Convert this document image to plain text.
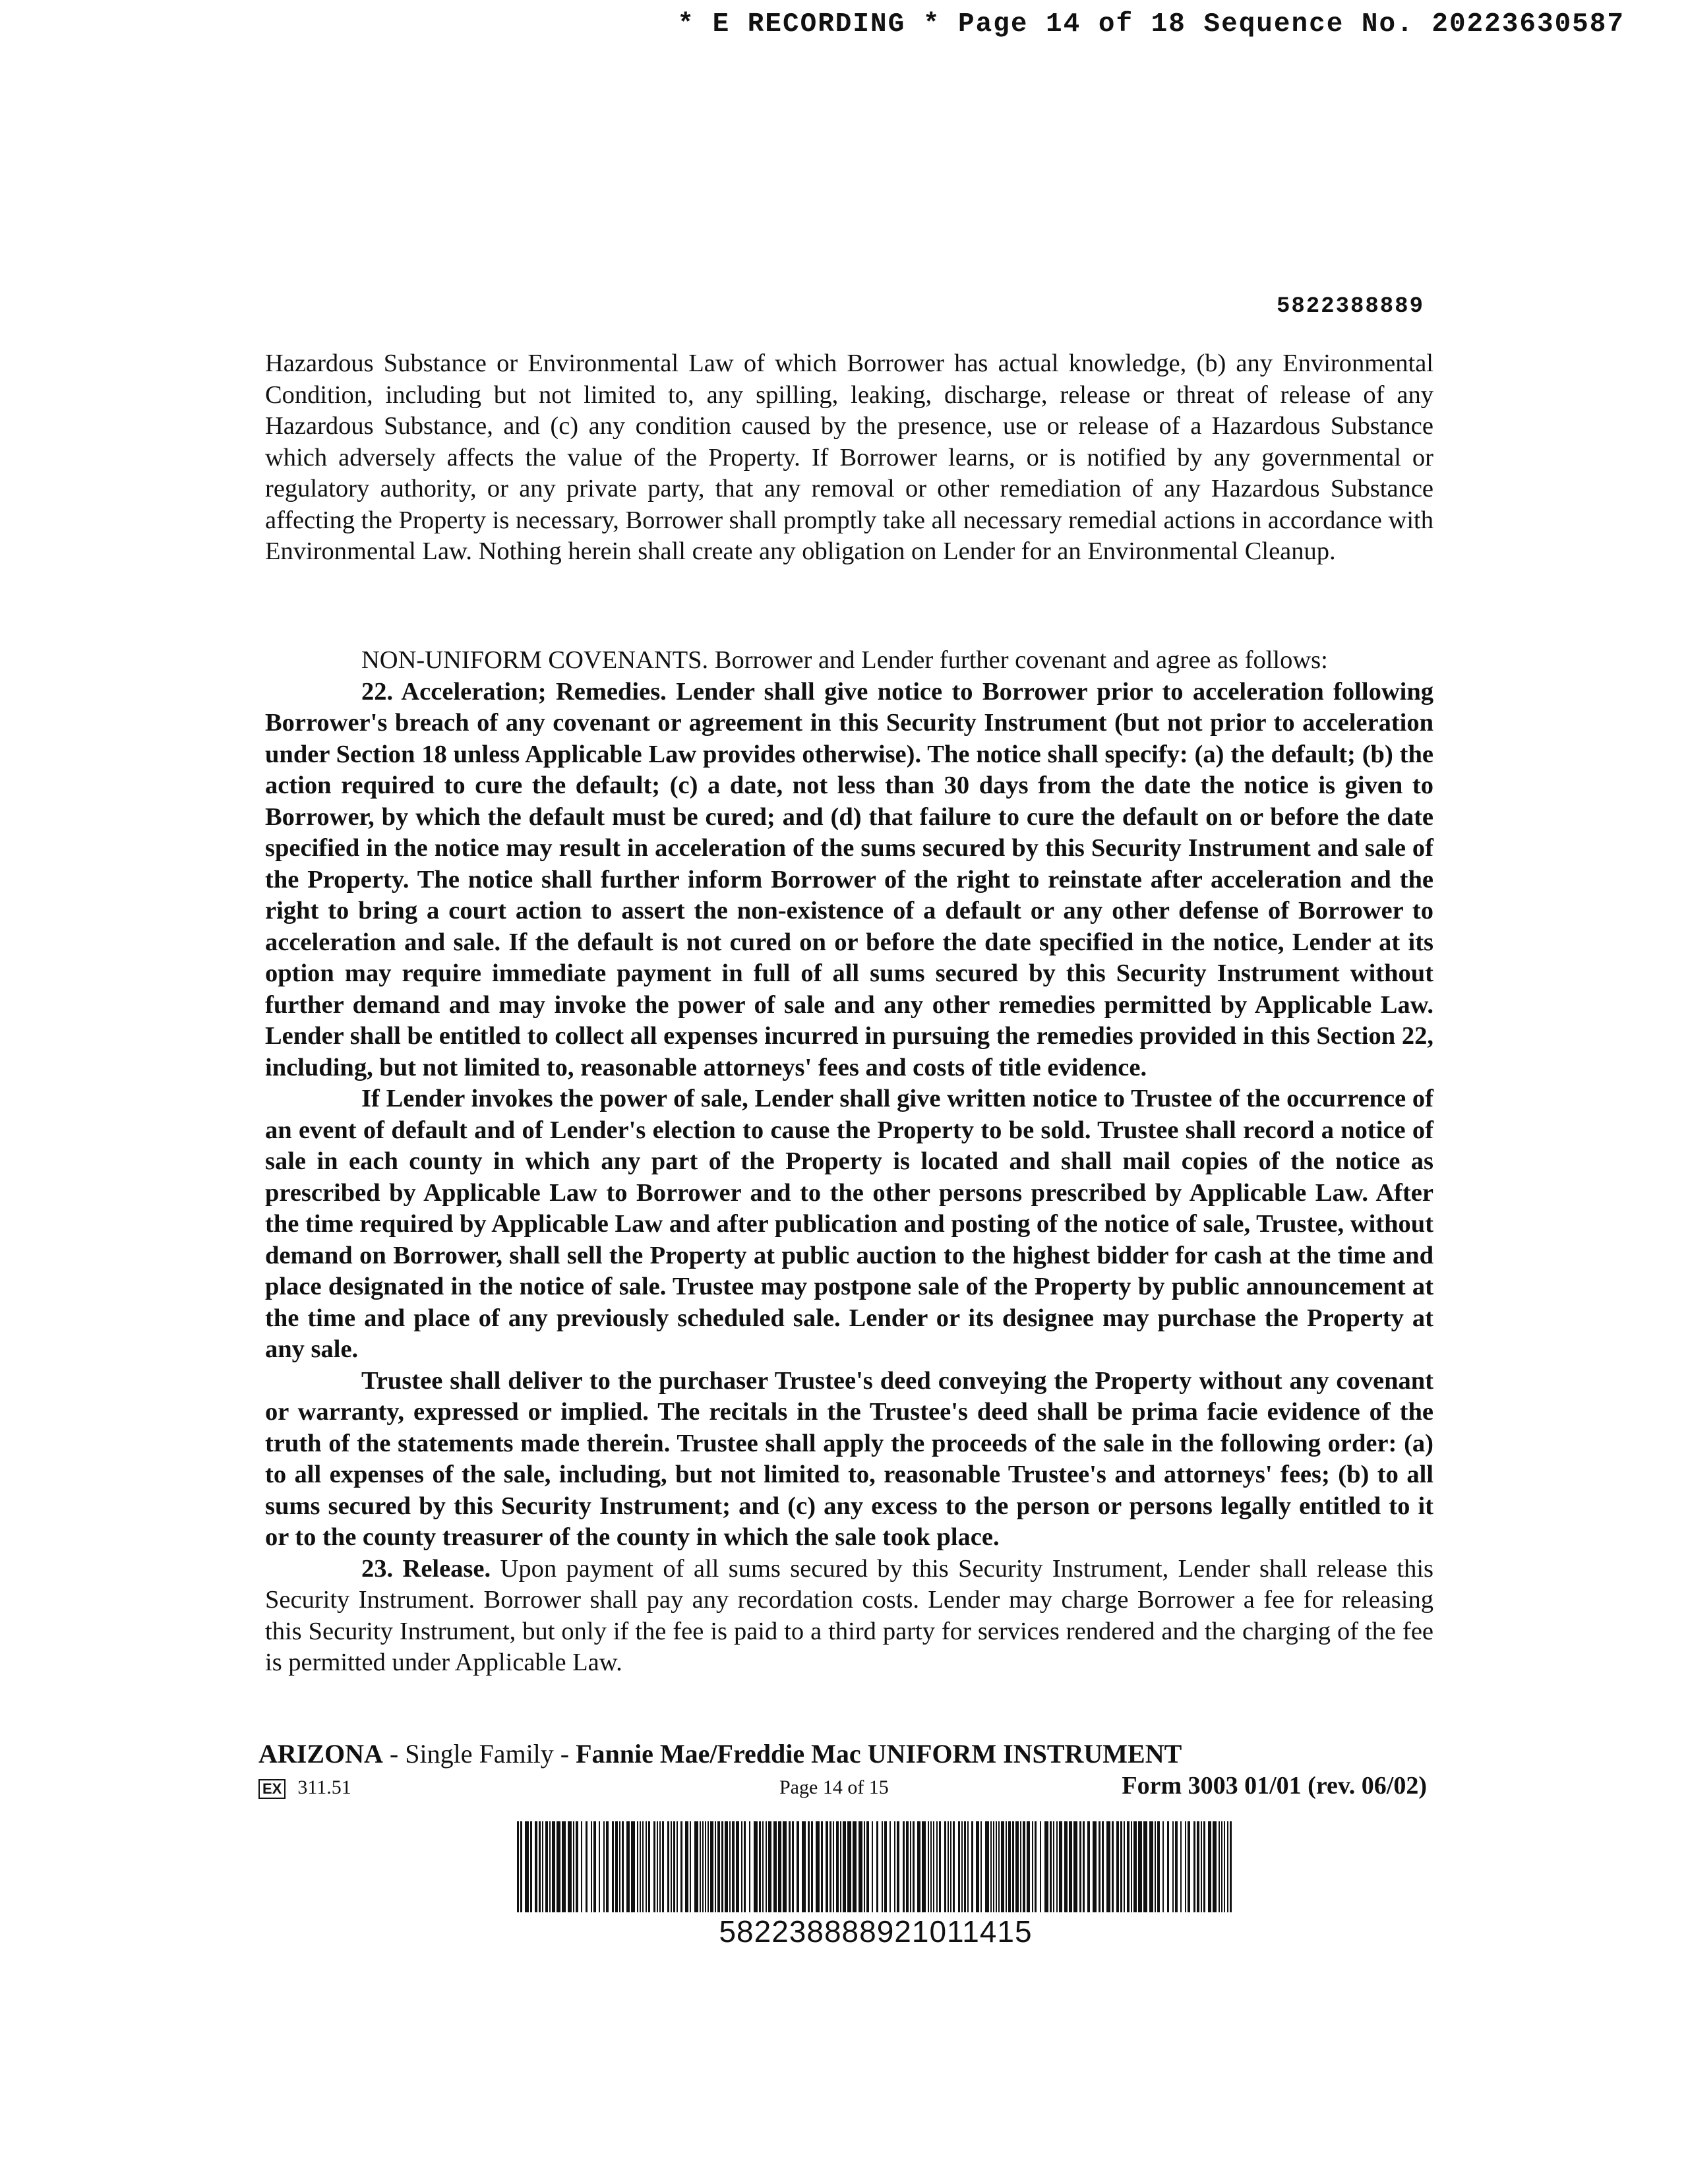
* E RECORDING * Page 14 of 18 Sequence No. 20223630587
5822388889
Hazardous Substance or Environmental Law of which Borrower has actual knowledge, (b) any Environmental Condition, including but not limited to, any spilling, leaking, discharge, release or threat of release of any Hazardous Substance, and (c) any condition caused by the presence, use or release of a Hazardous Substance which adversely affects the value of the Property. If Borrower learns, or is notified by any governmental or regulatory authority, or any private party, that any removal or other remediation of any Hazardous Substance affecting the Property is necessary, Borrower shall promptly take all necessary remedial actions in accordance with Environmental Law. Nothing herein shall create any obligation on Lender for an Environmental Cleanup.

NON-UNIFORM COVENANTS. Borrower and Lender further covenant and agree as follows:

22. Acceleration; Remedies. Lender shall give notice to Borrower prior to acceleration following Borrower's breach of any covenant or agreement in this Security Instrument (but not prior to acceleration under Section 18 unless Applicable Law provides otherwise). The notice shall specify: (a) the default; (b) the action required to cure the default; (c) a date, not less than 30 days from the date the notice is given to Borrower, by which the default must be cured; and (d) that failure to cure the default on or before the date specified in the notice may result in acceleration of the sums secured by this Security Instrument and sale of the Property. The notice shall further inform Borrower of the right to reinstate after acceleration and the right to bring a court action to assert the non-existence of a default or any other defense of Borrower to acceleration and sale. If the default is not cured on or before the date specified in the notice, Lender at its option may require immediate payment in full of all sums secured by this Security Instrument without further demand and may invoke the power of sale and any other remedies permitted by Applicable Law. Lender shall be entitled to collect all expenses incurred in pursuing the remedies provided in this Section 22, including, but not limited to, reasonable attorneys' fees and costs of title evidence.

If Lender invokes the power of sale, Lender shall give written notice to Trustee of the occurrence of an event of default and of Lender's election to cause the Property to be sold. Trustee shall record a notice of sale in each county in which any part of the Property is located and shall mail copies of the notice as prescribed by Applicable Law to Borrower and to the other persons prescribed by Applicable Law. After the time required by Applicable Law and after publication and posting of the notice of sale, Trustee, without demand on Borrower, shall sell the Property at public auction to the highest bidder for cash at the time and place designated in the notice of sale. Trustee may postpone sale of the Property by public announcement at the time and place of any previously scheduled sale. Lender or its designee may purchase the Property at any sale.

Trustee shall deliver to the purchaser Trustee's deed conveying the Property without any covenant or warranty, expressed or implied. The recitals in the Trustee's deed shall be prima facie evidence of the truth of the statements made therein. Trustee shall apply the proceeds of the sale in the following order: (a) to all expenses of the sale, including, but not limited to, reasonable Trustee's and attorneys' fees; (b) to all sums secured by this Security Instrument; and (c) any excess to the person or persons legally entitled to it or to the county treasurer of the county in which the sale took place.

23. Release. Upon payment of all sums secured by this Security Instrument, Lender shall release this Security Instrument. Borrower shall pay any recordation costs. Lender may charge Borrower a fee for releasing this Security Instrument, but only if the fee is paid to a third party for services rendered and the charging of the fee is permitted under Applicable Law.

ARIZONA - Single Family - Fannie Mae/Freddie Mac UNIFORM INSTRUMENT
EX 311.51	Page 14 of 15	Form 3003 01/01 (rev. 06/02)
582238888921011415
